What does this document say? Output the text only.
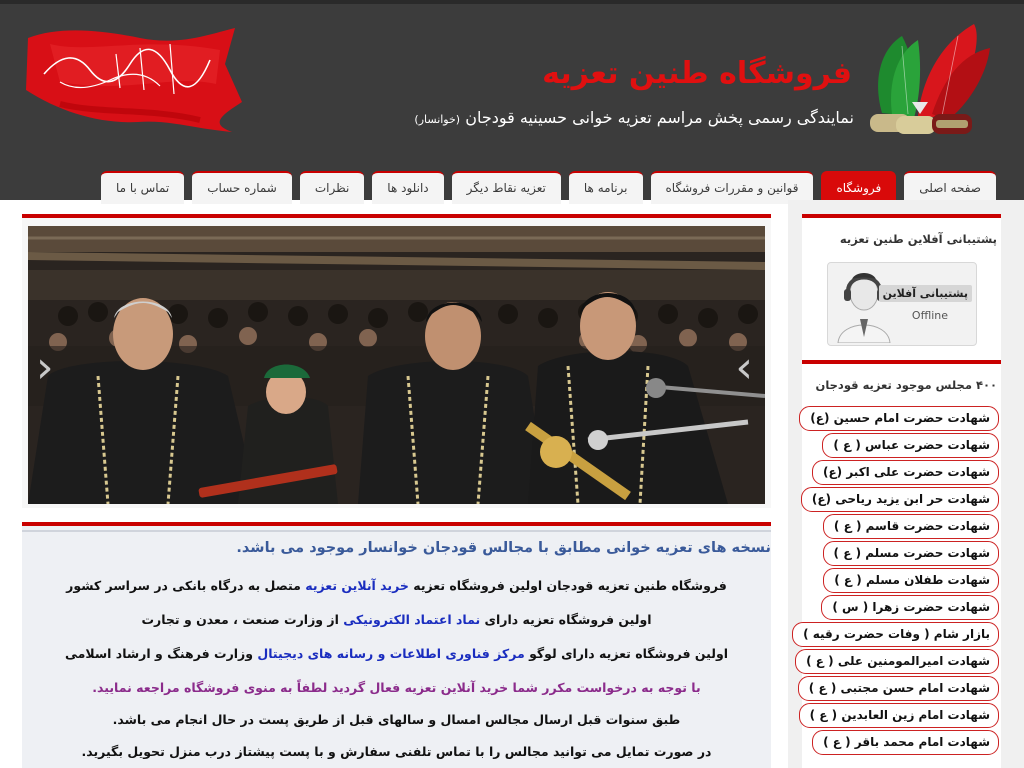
فروشگاه طنین تعزیه
نمایندگی رسمی پخش مراسم تعزیه خوانی حسینیه قودجان (خوانسار)
صفحه اصلی
فروشگاه
قوانین و مقررات فروشگاه
برنامه ها
تعزیه نقاط دیگر
دانلود ها
نظرات
شماره حساب
تماس با ما
‹	›
نسخه های تعزیه خوانی مطابق با مجالس قودجان خوانسار موجود می باشد.
فروشگاه طنین تعزیه قودجان اولین فروشگاه تعزیه خرید آنلاین تعزیه متصل به درگاه بانکی در سراسر کشور
اولین فروشگاه تعزیه دارای نماد اعتماد الکترونیکی از وزارت صنعت ، معدن و تجارت
اولین فروشگاه تعزیه دارای لوگو مرکز فناوری اطلاعات و رسانه های دیجیتال وزارت فرهنگ و ارشاد اسلامی
با توجه به درخواست مکرر شما خرید آنلاین تعزیه فعال گردید لطفاً به منوی فروشگاه مراجعه نمایید.
طبق سنوات قبل ارسال مجالس امسال و سالهای قبل از طریق پست در حال انجام می باشد.
در صورت تمایل می توانید مجالس را با تماس تلفنی سفارش و با پست پیشتاز درب منزل تحویل بگیرید.
پشتیبانی آفلاین طنین تعزیه
پشتیبانی آفلاین
Offline
۴۰۰ مجلس موجود تعزیه قودجان
شهادت حضرت امام حسین (ع)
شهادت حضرت عباس ( ع )
شهادت حضرت علی اکبر (ع)
شهادت حر ابن یزید ریاحی (ع)
شهادت حضرت قاسم ( ع )
شهادت حضرت مسلم ( ع )
شهادت طفلان مسلم ( ع )
شهادت حضرت زهرا ( س )
بازار شام ( وفات حضرت رقیه )
شهادت امیرالمومنین علی ( ع )
شهادت امام حسن مجتبی ( ع )
شهادت امام زین العابدین ( ع )
شهادت امام محمد باقر ( ع )
